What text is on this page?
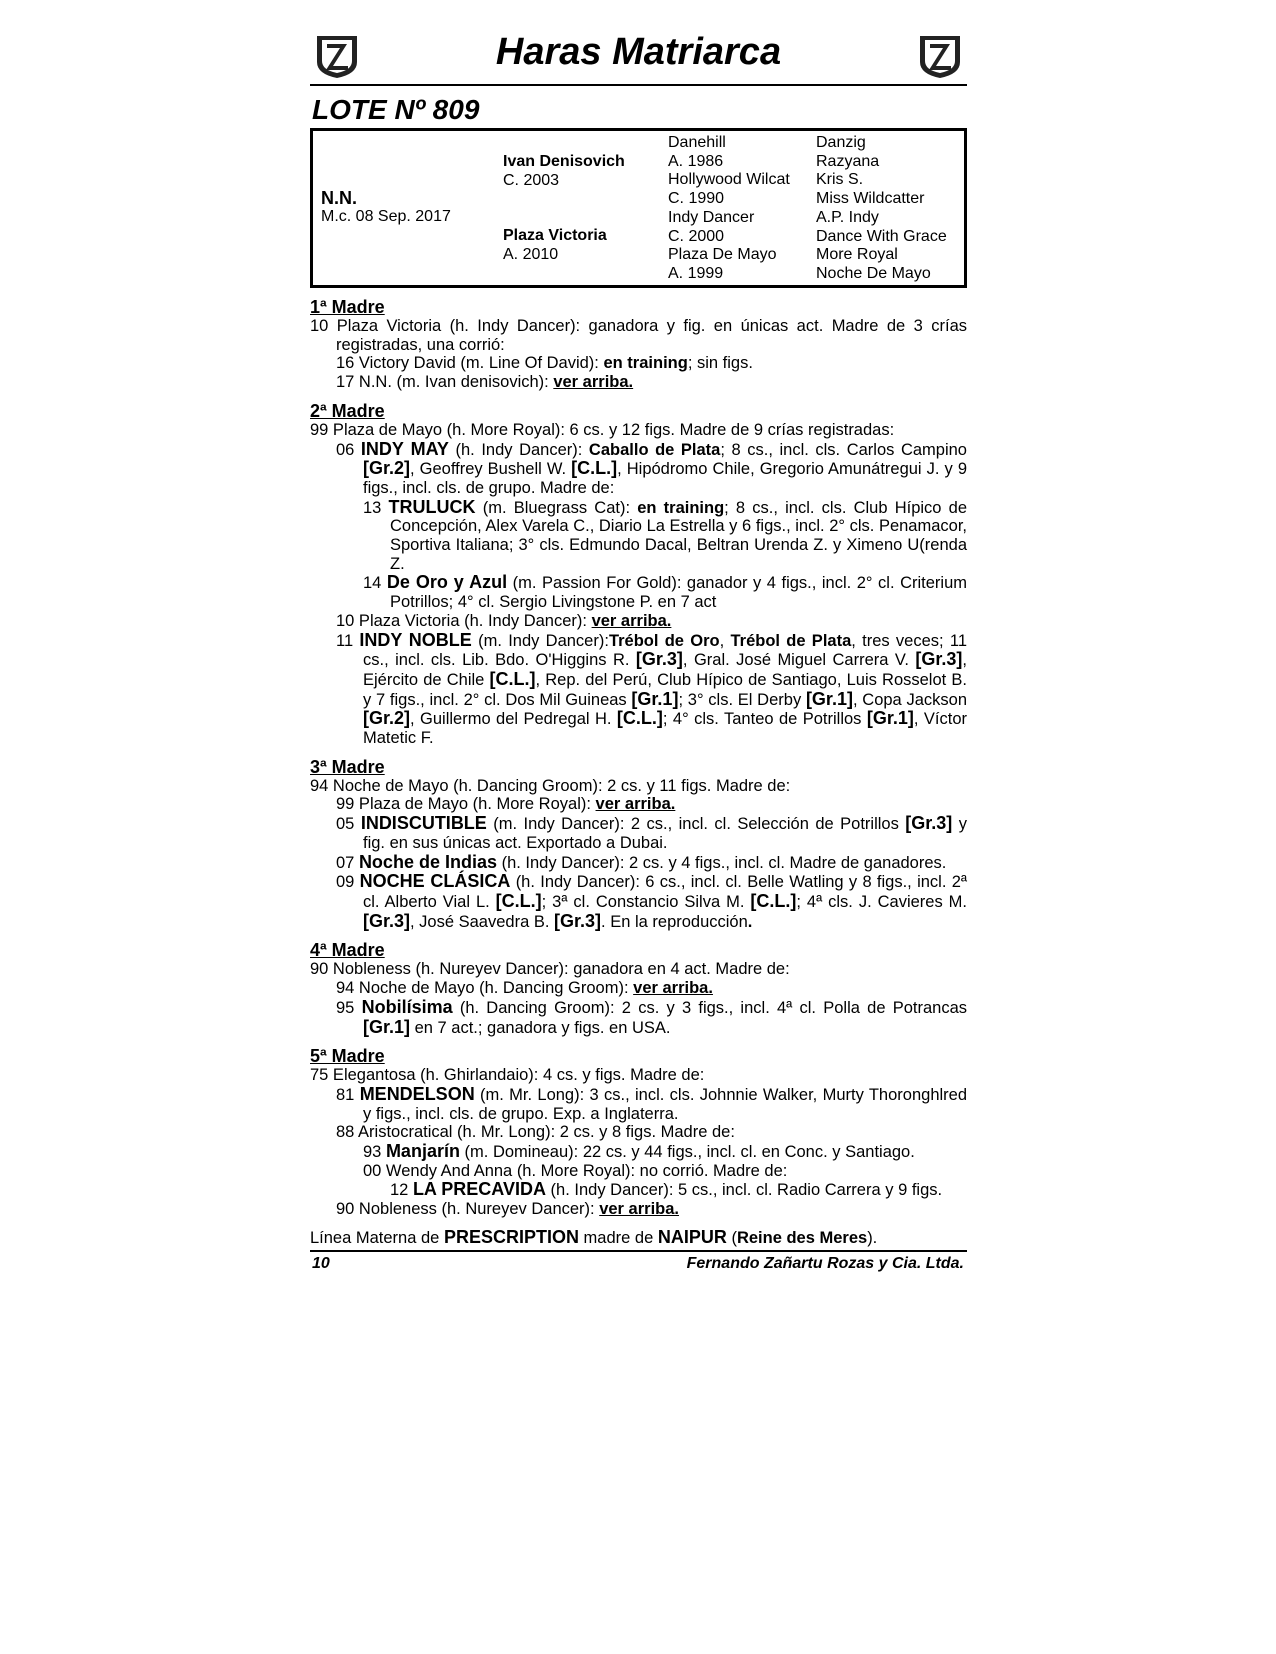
Haras Matriarca
LOTE Nº 809
N.N.
M.c. 08 Sep. 2017
Ivan Denisovich
C. 2003
Plaza Victoria
A. 2010
Danehill
A. 1986
Hollywood Wilcat
C. 1990
Indy Dancer
C. 2000
Plaza De Mayo
A. 1999
Danzig
Razyana
Kris S.
Miss Wildcatter
A.P. Indy
Dance With Grace
More Royal
Noche De Mayo
1ª Madre
10 Plaza Victoria (h. Indy Dancer): ganadora y fig. en únicas act. Madre de 3 crías registradas, una corrió:
16 Victory David (m. Line Of David): en training; sin figs.
17 N.N. (m. Ivan denisovich): ver arriba.
2ª Madre
99 Plaza de Mayo (h. More Royal): 6 cs. y 12 figs. Madre de 9 crías registradas:
06 INDY MAY (h. Indy Dancer): Caballo de Plata; 8 cs., incl. cls. Carlos Campino [Gr.2], Geoffrey Bushell W. [C.L.], Hipódromo Chile, Gregorio Amunátregui J. y 9 figs., incl. cls. de grupo. Madre de:
13 TRULUCK (m. Bluegrass Cat): en training; 8 cs., incl. cls. Club Hípico de Concepción, Alex Varela C., Diario La Estrella y 6 figs., incl. 2° cls. Penamacor, Sportiva Italiana; 3° cls. Edmundo Dacal, Beltran Urenda Z. y Ximeno U(renda Z.
14 De Oro y Azul (m. Passion For Gold): ganador y 4 figs., incl. 2° cl. Criterium Potrillos; 4° cl. Sergio Livingstone P. en 7 act
10 Plaza Victoria (h. Indy Dancer): ver arriba.
11 INDY NOBLE (m. Indy Dancer):Trébol de Oro, Trébol de Plata, tres veces; 11 cs., incl. cls. Lib. Bdo. O'Higgins R. [Gr.3], Gral. José Miguel Carrera V. [Gr.3], Ejército de Chile [C.L.], Rep. del Perú, Club Hípico de Santiago, Luis Rosselot B. y 7 figs., incl. 2° cl. Dos Mil Guineas [Gr.1]; 3° cls. El Derby [Gr.1], Copa Jackson [Gr.2], Guillermo del Pedregal H. [C.L.]; 4° cls. Tanteo de Potrillos [Gr.1], Víctor Matetic F.
3ª Madre
94 Noche de Mayo (h. Dancing Groom): 2 cs. y 11 figs. Madre de:
99 Plaza de Mayo (h. More Royal): ver arriba.
05 INDISCUTIBLE (m. Indy Dancer): 2 cs., incl. cl. Selección de Potrillos [Gr.3] y fig. en sus únicas act. Exportado a Dubai.
07 Noche de Indias (h. Indy Dancer): 2 cs. y 4 figs., incl. cl. Madre de ganadores.
09 NOCHE CLÁSICA (h. Indy Dancer): 6 cs., incl. cl. Belle Watling y 8 figs., incl. 2ª cl. Alberto Vial L. [C.L.]; 3ª cl. Constancio Silva M. [C.L.]; 4ª cls. J. Cavieres M. [Gr.3], José Saavedra B. [Gr.3]. En la reproducción.
4ª Madre
90 Nobleness (h. Nureyev Dancer): ganadora en 4 act. Madre de:
94 Noche de Mayo (h. Dancing Groom): ver arriba.
95 Nobilísima (h. Dancing Groom): 2 cs. y 3 figs., incl. 4ª cl. Polla de Potrancas [Gr.1] en 7 act.; ganadora y figs. en USA.
5ª Madre
75 Elegantosa (h. Ghirlandaio): 4 cs. y figs. Madre de:
81 MENDELSON (m. Mr. Long): 3 cs., incl. cls. Johnnie Walker, Murty Thoronghlred y figs., incl. cls. de grupo. Exp. a Inglaterra.
88 Aristocratical (h. Mr. Long): 2 cs. y 8 figs. Madre de:
93 Manjarín (m. Domineau): 22 cs. y 44 figs., incl. cl. en Conc. y Santiago.
00 Wendy And Anna (h. More Royal): no corrió. Madre de:
12 LA PRECAVIDA (h. Indy Dancer): 5 cs., incl. cl. Radio Carrera y 9 figs.
90 Nobleness (h. Nureyev Dancer): ver arriba.
Línea Materna de PRESCRIPTION madre de NAIPUR (Reine des Meres).
10	Fernando Zañartu Rozas y Cia. Ltda.
